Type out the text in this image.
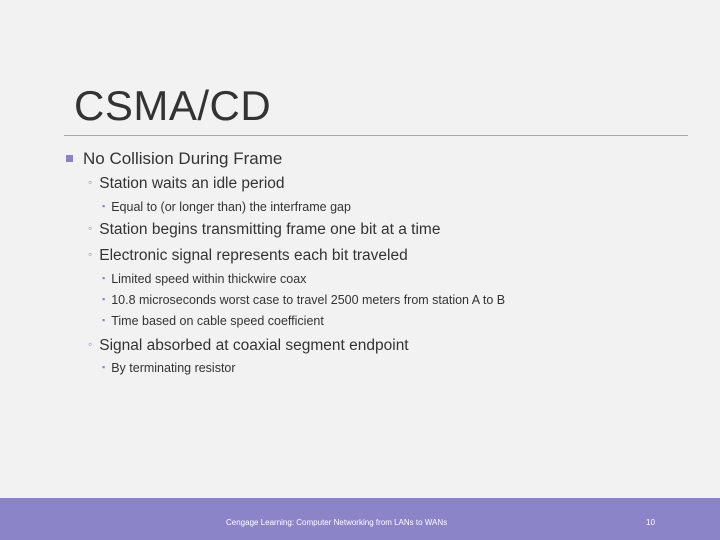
CSMA/CD
No Collision During Frame
◦ Station waits an idle period
▪ Equal to (or longer than) the interframe gap
◦ Station begins transmitting frame one bit at a time
◦ Electronic signal represents each bit traveled
▪ Limited speed within thickwire coax
▪ 10.8 microseconds worst case to travel 2500 meters from station A to B
▪ Time based on cable speed coefficient
◦ Signal absorbed at coaxial segment endpoint
▪ By terminating resistor
Cengage Learning: Computer Networking from LANs to WANs	10
